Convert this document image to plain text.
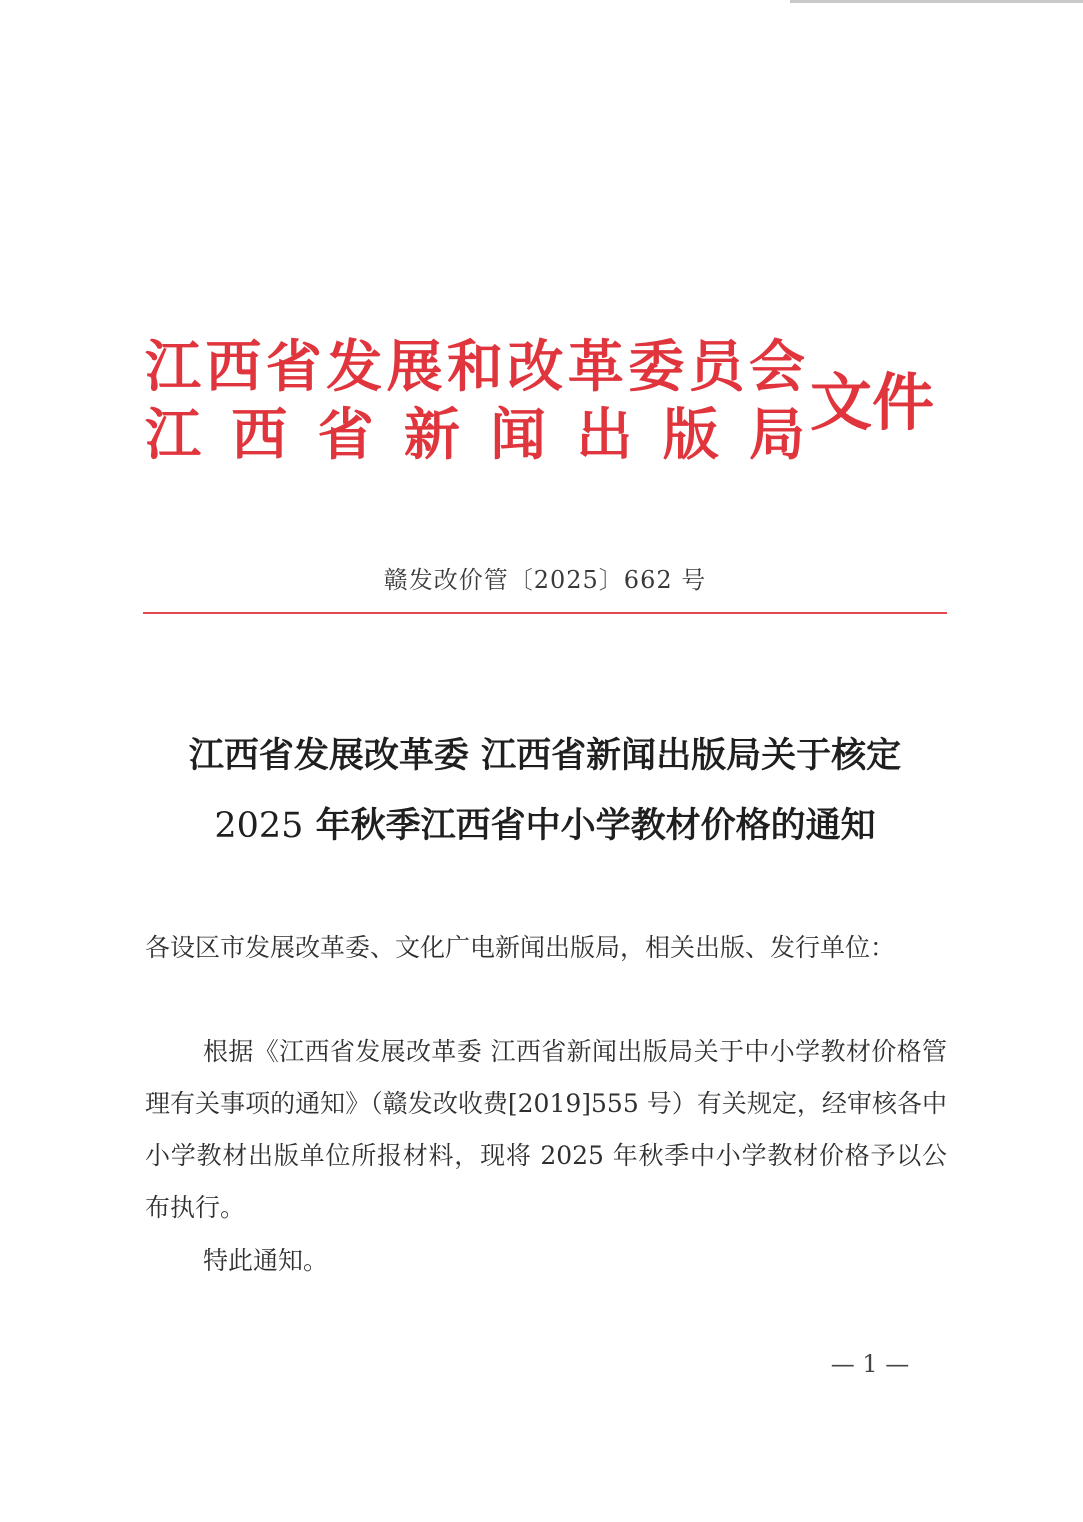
江西省发展和改革委员会
江 西 省 新 闻 出 版 局 文件
赣发改价管〔2025〕662 号
江西省发展改革委 江西省新闻出版局关于核定
2025 年秋季江西省中小学教材价格的通知
各设区市发展改革委、文化广电新闻出版局，相关出版、发行单位：
根据《江西省发展改革委 江西省新闻出版局关于中小学教材价格管理有关事项的通知》（赣发改收费[2019]555 号）有关规定，经审核各中小学教材出版单位所报材料，现将 2025 年秋季中小学教材价格予以公布执行。
特此通知。
— 1 —
